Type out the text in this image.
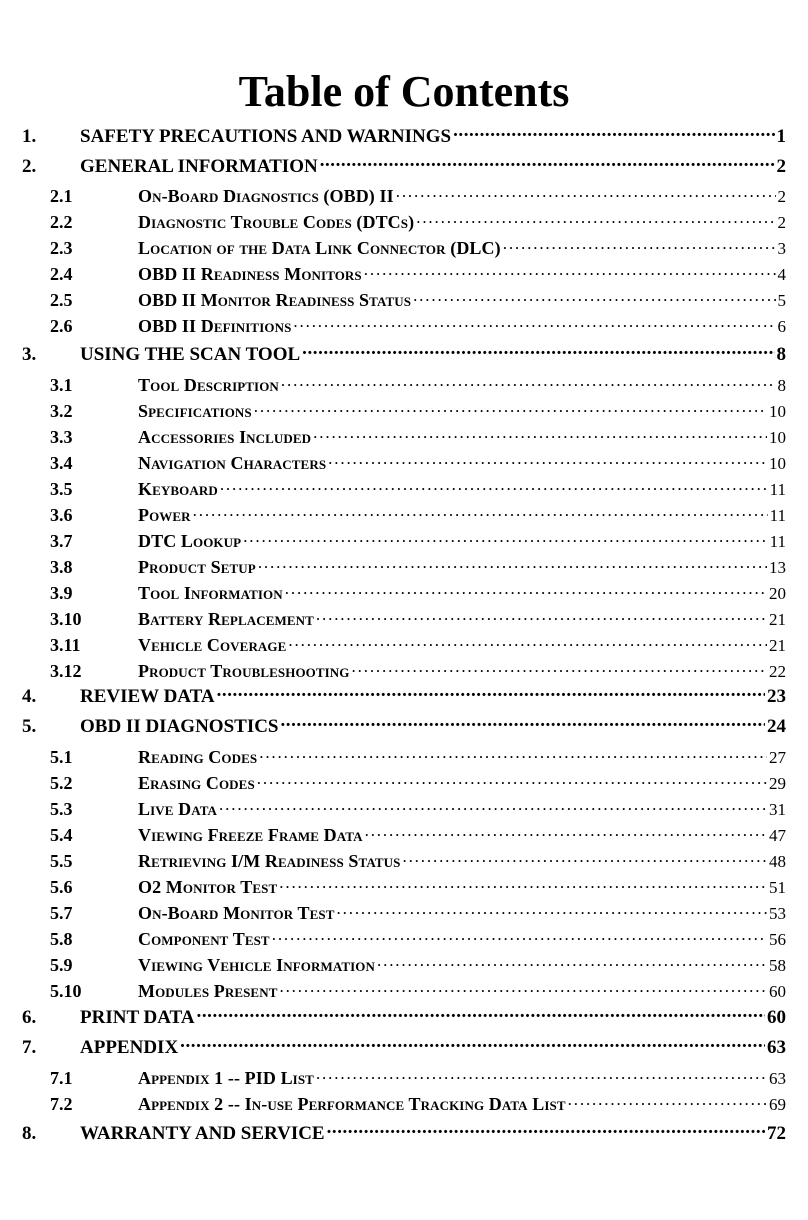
Table of Contents
1. SAFETY PRECAUTIONS AND WARNINGS . . .	1
2. GENERAL INFORMATION . . .	2
2.1	On-Board Diagnostics (OBD) II . . .	2
2.2	Diagnostic Trouble Codes (DTCs) . . .	2
2.3	Location of the Data Link Connector (DLC) . . .	3
2.4	OBD II Readiness Monitors . . .	4
2.5	OBD II Monitor Readiness Status . . .	5
2.6	OBD II Definitions . . .	6
3. USING THE SCAN TOOL . . .	8
3.1	Tool Description . . .	8
3.2	Specifications . . .	10
3.3	Accessories Included . . .	10
3.4	Navigation Characters . . .	10
3.5	Keyboard . . .	11
3.6	Power . . .	11
3.7	DTC Lookup . . .	11
3.8	Product Setup . . .	13
3.9	Tool Information . . .	20
3.10	Battery Replacement . . .	21
3.11	Vehicle Coverage . . .	21
3.12	Product Troubleshooting . . .	22
4. REVIEW DATA . . .	23
5. OBD II DIAGNOSTICS . . .	24
5.1	Reading Codes . . .	27
5.2	Erasing Codes . . .	29
5.3	Live Data . . .	31
5.4	Viewing Freeze Frame Data . . .	47
5.5	Retrieving I/M Readiness Status . . .	48
5.6	O2 Monitor Test . . .	51
5.7	On-Board Monitor Test . . .	53
5.8	Component Test . . .	56
5.9	Viewing Vehicle Information . . .	58
5.10	Modules Present . . .	60
6. PRINT DATA . . .	60
7. APPENDIX . . .	63
7.1	Appendix 1 -- PID List . . .	63
7.2	Appendix 2 -- In-use Performance Tracking Data List . . .	69
8. WARRANTY AND SERVICE . . .	72
